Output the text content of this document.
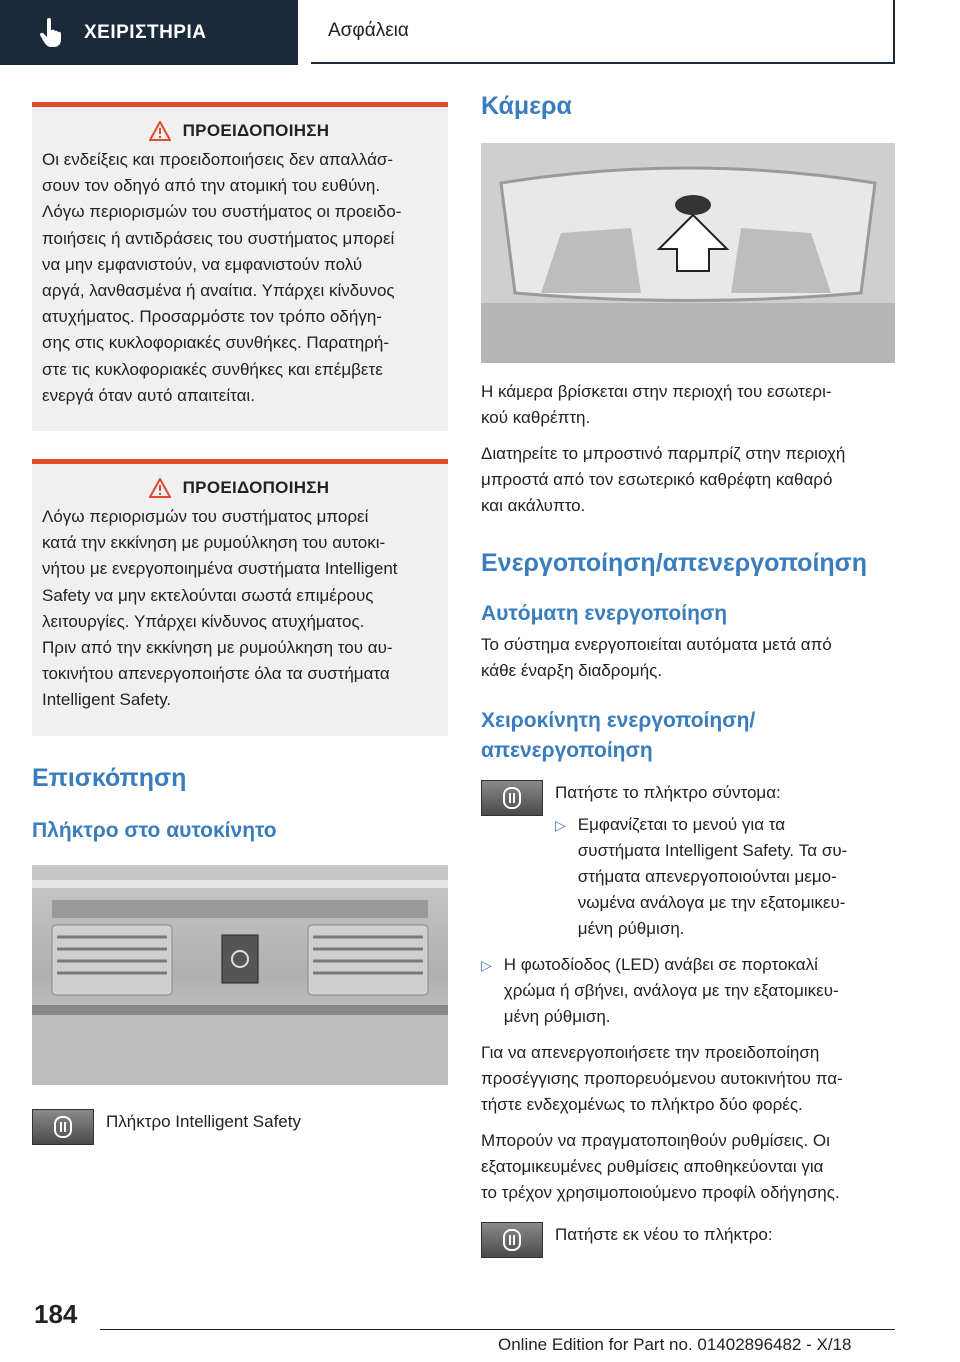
ΧΕΙΡΙΣΤΗΡΙΑ	Ασφάλεια
ΠΡΟΕΙΔΟΠΟΙΗΣΗ

Οι ενδείξεις και προειδοποιήσεις δεν απαλλάσ-
σουν τον οδηγό από την ατομική του ευθύνη.
Λόγω περιορισμών του συστήματος οι προειδο-
ποιήσεις ή αντιδράσεις του συστήματος μπορεί
να μην εμφανιστούν, να εμφανιστούν πολύ
αργά, λανθασμένα ή αναίτια. Υπάρχει κίνδυνος
ατυχήματος. Προσαρμόστε τον τρόπο οδήγη-
σης στις κυκλοφοριακές συνθήκες. Παρατηρή-
στε τις κυκλοφοριακές συνθήκες και επέμβετε
ενεργά όταν αυτό απαιτείται.

ΠΡΟΕΙΔΟΠΟΙΗΣΗ

Λόγω περιορισμών του συστήματος μπορεί
κατά την εκκίνηση με ρυμούλκηση του αυτοκι-
νήτου με ενεργοποιημένα συστήματα Intelligent
Safety να μην εκτελούνται σωστά επιμέρους
λειτουργίες. Υπάρχει κίνδυνος ατυχήματος.
Πριν από την εκκίνηση με ρυμούλκηση του αυ-
τοκινήτου απενεργοποιήστε όλα τα συστήματα
Intelligent Safety.

Επισκόπηση
Πλήκτρο στο αυτοκίνητο

Πλήκτρο Intelligent Safety

Κάμερα

Η κάμερα βρίσκεται στην περιοχή του εσωτερι-
κού καθρέπτη.

Διατηρείτε το μπροστινό παρμπρίζ στην περιοχή
μπροστά από τον εσωτερικό καθρέφτη καθαρό
και ακάλυπτο.

Ενεργοποίηση/απενεργοποίηση
Αυτόματη ενεργοποίηση

Το σύστημα ενεργοποιείται αυτόματα μετά από
κάθε έναρξη διαδρομής.

Χειροκίνητη ενεργοποίηση/
απενεργοποίηση

Πατήστε το πλήκτρο σύντομα:

▷ Εμφανίζεται το μενού για τα
συστήματα Intelligent Safety. Τα συ-
στήματα απενεργοποιούνται μεμο-
νωμένα ανάλογα με την εξατομικευ-
μένη ρύθμιση.
▷ Η φωτοδίοδος (LED) ανάβει σε πορτοκαλί
χρώμα ή σβήνει, ανάλογα με την εξατομικευ-
μένη ρύθμιση.

Για να απενεργοποιήσετε την προειδοποίηση
προσέγγισης προπορευόμενου αυτοκινήτου πα-
τήστε ενδεχομένως το πλήκτρο δύο φορές.

Μπορούν να πραγματοποιηθούν ρυθμίσεις. Οι
εξατομικευμένες ρυθμίσεις αποθηκεύονται για
το τρέχον χρησιμοποιούμενο προφίλ οδήγησης.

Πατήστε εκ νέου το πλήκτρο:

184
Online Edition for Part no. 01402896482 - X/18
